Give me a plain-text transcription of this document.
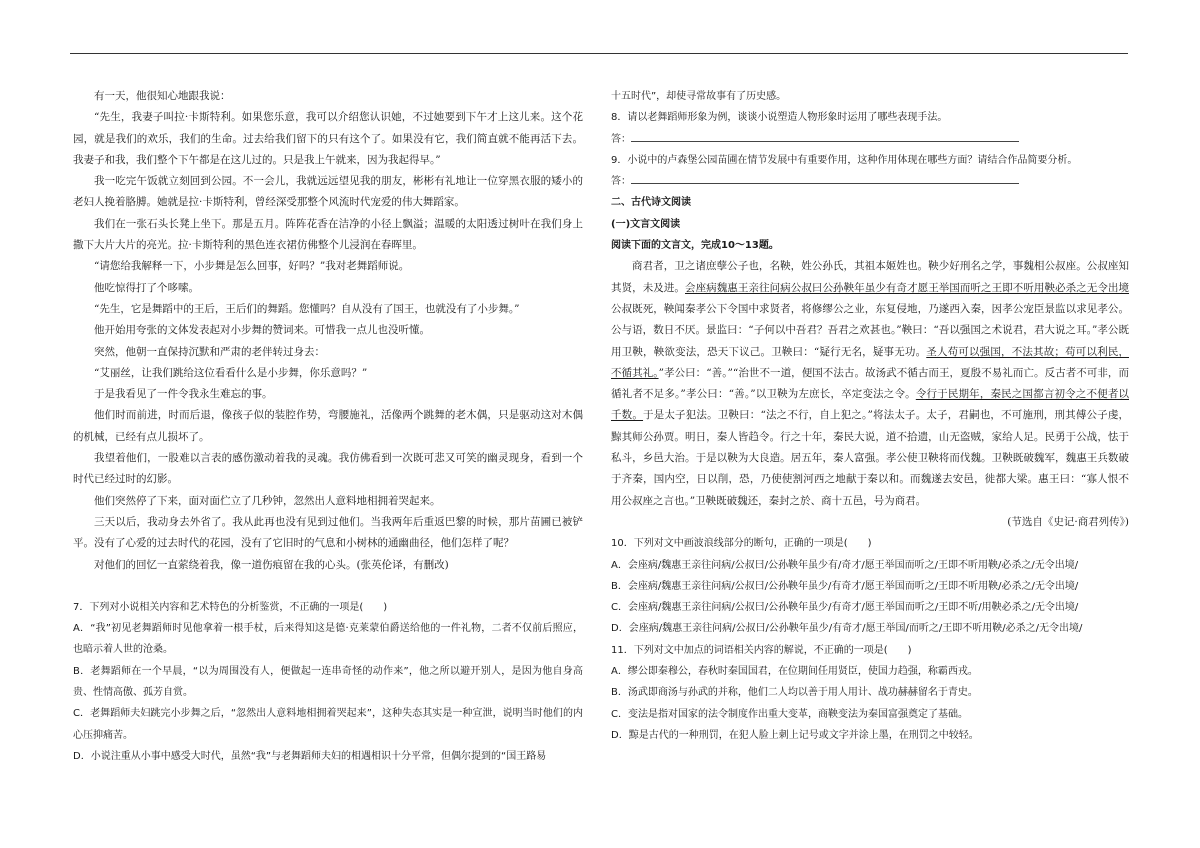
有一天，他很知心地跟我说：

“先生，我妻子叫拉·卡斯特利。如果您乐意，我可以介绍您认识她，不过她要到下午才上这儿来。这个花园，就是我们的欢乐，我们的生命。过去给我们留下的只有这个了。如果没有它，我们简直就不能再活下去。我妻子和我，我们整个下午都是在这儿过的。只是我上午就来，因为我起得早。”

我一吃完午饭就立刻回到公园。不一会儿，我就远远望见我的朋友，彬彬有礼地让一位穿黑衣服的矮小的老妇人挽着胳膊。她就是拉·卡斯特利，曾经深受那整个风流时代宠爱的伟大舞蹈家。

我们在一张石头长凳上坐下。那是五月。阵阵花香在洁净的小径上飘溢；温暖的太阳透过树叶在我们身上撒下大片大片的亮光。拉·卡斯特利的黑色连衣裙仿佛整个儿浸润在春晖里。

“请您给我解释一下，小步舞是怎么回事，好吗？”我对老舞蹈师说。

他吃惊得打了个哆嗦。

“先生，它是舞蹈中的王后，王后们的舞蹈。您懂吗？自从没有了国王，也就没有了小步舞。”

他开始用夸张的文体发表起对小步舞的赞词来。可惜我一点儿也没听懂。

突然，他朝一直保持沉默和严肃的老伴转过身去：

“艾丽丝，让我们跳给这位看看什么是小步舞，你乐意吗？”

于是我看见了一件令我永生难忘的事。

他们时而前进，时而后退，像孩子似的装腔作势，弯腰施礼，活像两个跳舞的老木偶，只是驱动这对木偶的机械，已经有点儿损坏了。

我望着他们，一股难以言表的感伤激动着我的灵魂。我仿佛看到一次既可悲又可笑的幽灵现身，看到一个时代已经过时的幻影。

他们突然停了下来，面对面伫立了几秒钟，忽然出人意料地相拥着哭起来。

三天以后，我动身去外省了。我从此再也没有见到过他们。当我两年后重返巴黎的时候，那片苗圃已被铲平。没有了心爱的过去时代的花园，没有了它旧时的气息和小树林的通幽曲径，他们怎样了呢？

对他们的回忆一直萦绕着我，像一道伤痕留在我的心头。(张英伦译，有删改)

7．下列对小说相关内容和艺术特色的分析鉴赏，不正确的一项是(　　)

A．“我”初见老舞蹈师时见他拿着一根手杖，后来得知这是德·克莱蒙伯爵送给他的一件礼物，二者不仅前后照应，也暗示着人世的沧桑。

B．老舞蹈师在一个早晨，“以为周围没有人，便做起一连串奇怪的动作来”，他之所以避开别人，是因为他自身高贵、性情高傲、孤芳自赏。

C．老舞蹈师夫妇跳完小步舞之后，“忽然出人意料地相拥着哭起来”，这种失态其实是一种宣泄，说明当时他们的内心压抑痛苦。

D．小说注重从小事中感受大时代，虽然“我”与老舞蹈师夫妇的相遇相识十分平常，但偶尔提到的“国王路易

十五时代”，却使寻常故事有了历史感。

8．请以老舞蹈师形象为例，谈谈小说塑造人物形象时运用了哪些表现手法。

答：

9．小说中的卢森堡公园苗圃在情节发展中有重要作用，这种作用体现在哪些方面？请结合作品简要分析。

答：

二、古代诗文阅读

(一)文言文阅读

阅读下面的文言文，完成10～13题。

商君者，卫之诸庶孽公子也，名鞅，姓公孙氏，其祖本姬姓也。鞅少好刑名之学，事魏相公叔座。公叔座知其贤，未及进。会座病魏惠王亲往问病公叔曰公孙鞅年虽少有奇才愿王举国而听之王即不听用鞅必杀之无令出境公叔既死，鞅闻秦孝公下令国中求贤者，将修缪公之业，东复侵地，乃遂西入秦，因孝公宠臣景监以求见孝公。公与语，数日不厌。景监曰：“子何以中吾君？吾君之欢甚也。”鞅曰：“吾以强国之术说君，君大说之耳。”孝公既用卫鞅，鞅欲变法，恐天下议己。卫鞅曰：“疑行无名，疑事无功。圣人苟可以强国，不法其故；苟可以利民，不循其礼。”孝公曰：“善。”“治世不一道，便国不法古。故汤武不循古而王，夏殷不易礼而亡。反古者不可非，而循礼者不足多。”孝公曰：“善。”以卫鞅为左庶长，卒定变法之令。令行于民期年，秦民之国都言初令之不便者以千数。于是太子犯法。卫鞅曰：“法之不行，自上犯之。”将法太子。太子，君嗣也，不可施刑，刑其傅公子虔，黥其师公孙贾。明日，秦人皆趋令。行之十年，秦民大说，道不拾遗，山无盗贼，家给人足。民勇于公战，怯于私斗，乡邑大治。于是以鞅为大良造。居五年，秦人富强。孝公使卫鞅将而伐魏。卫鞅既破魏军，魏惠王兵数破于齐秦，国内空，日以削，恐，乃使使割河西之地献于秦以和。而魏遂去安邑，徙都大梁。惠王曰：“寡人恨不用公叔座之言也。”卫鞅既破魏还，秦封之於、商十五邑，号为商君。

(节选自《史记·商君列传》)

10．下列对文中画波浪线部分的断句，正确的一项是(　　)

A．会座病/魏惠王亲往问病/公叔曰/公孙鞅年虽少有/奇才/愿王举国而听之/王即不听用鞅/必杀之/无令出境/

B．会座病/魏惠王亲往问病/公叔曰/公孙鞅年虽少/有奇才/愿王举国而听之/王即不听用鞅/必杀之/无令出境/

C．会座病/魏惠王亲往问病/公叔曰/公孙鞅年虽少/有奇才/愿王举国而听之/王即不听/用鞅必杀之/无令出境/

D．会座病/魏惠王亲往问病/公叔曰/公孙鞅年虽少/有奇才/愿王举国/而听之/王即不听用鞅/必杀之/无令出境/

11．下列对文中加点的词语相关内容的解说，不正确的一项是(　　)

A．缪公即秦穆公，春秋时秦国国君，在位期间任用贤臣，使国力趋强，称霸西戎。

B．汤武即商汤与孙武的并称，他们二人均以善于用人用计、战功赫赫留名于青史。

C．变法是指对国家的法令制度作出重大变革，商鞅变法为秦国富强奠定了基础。

D．黥是古代的一种刑罚，在犯人脸上刺上记号或文字并涂上墨，在刑罚之中较轻。
